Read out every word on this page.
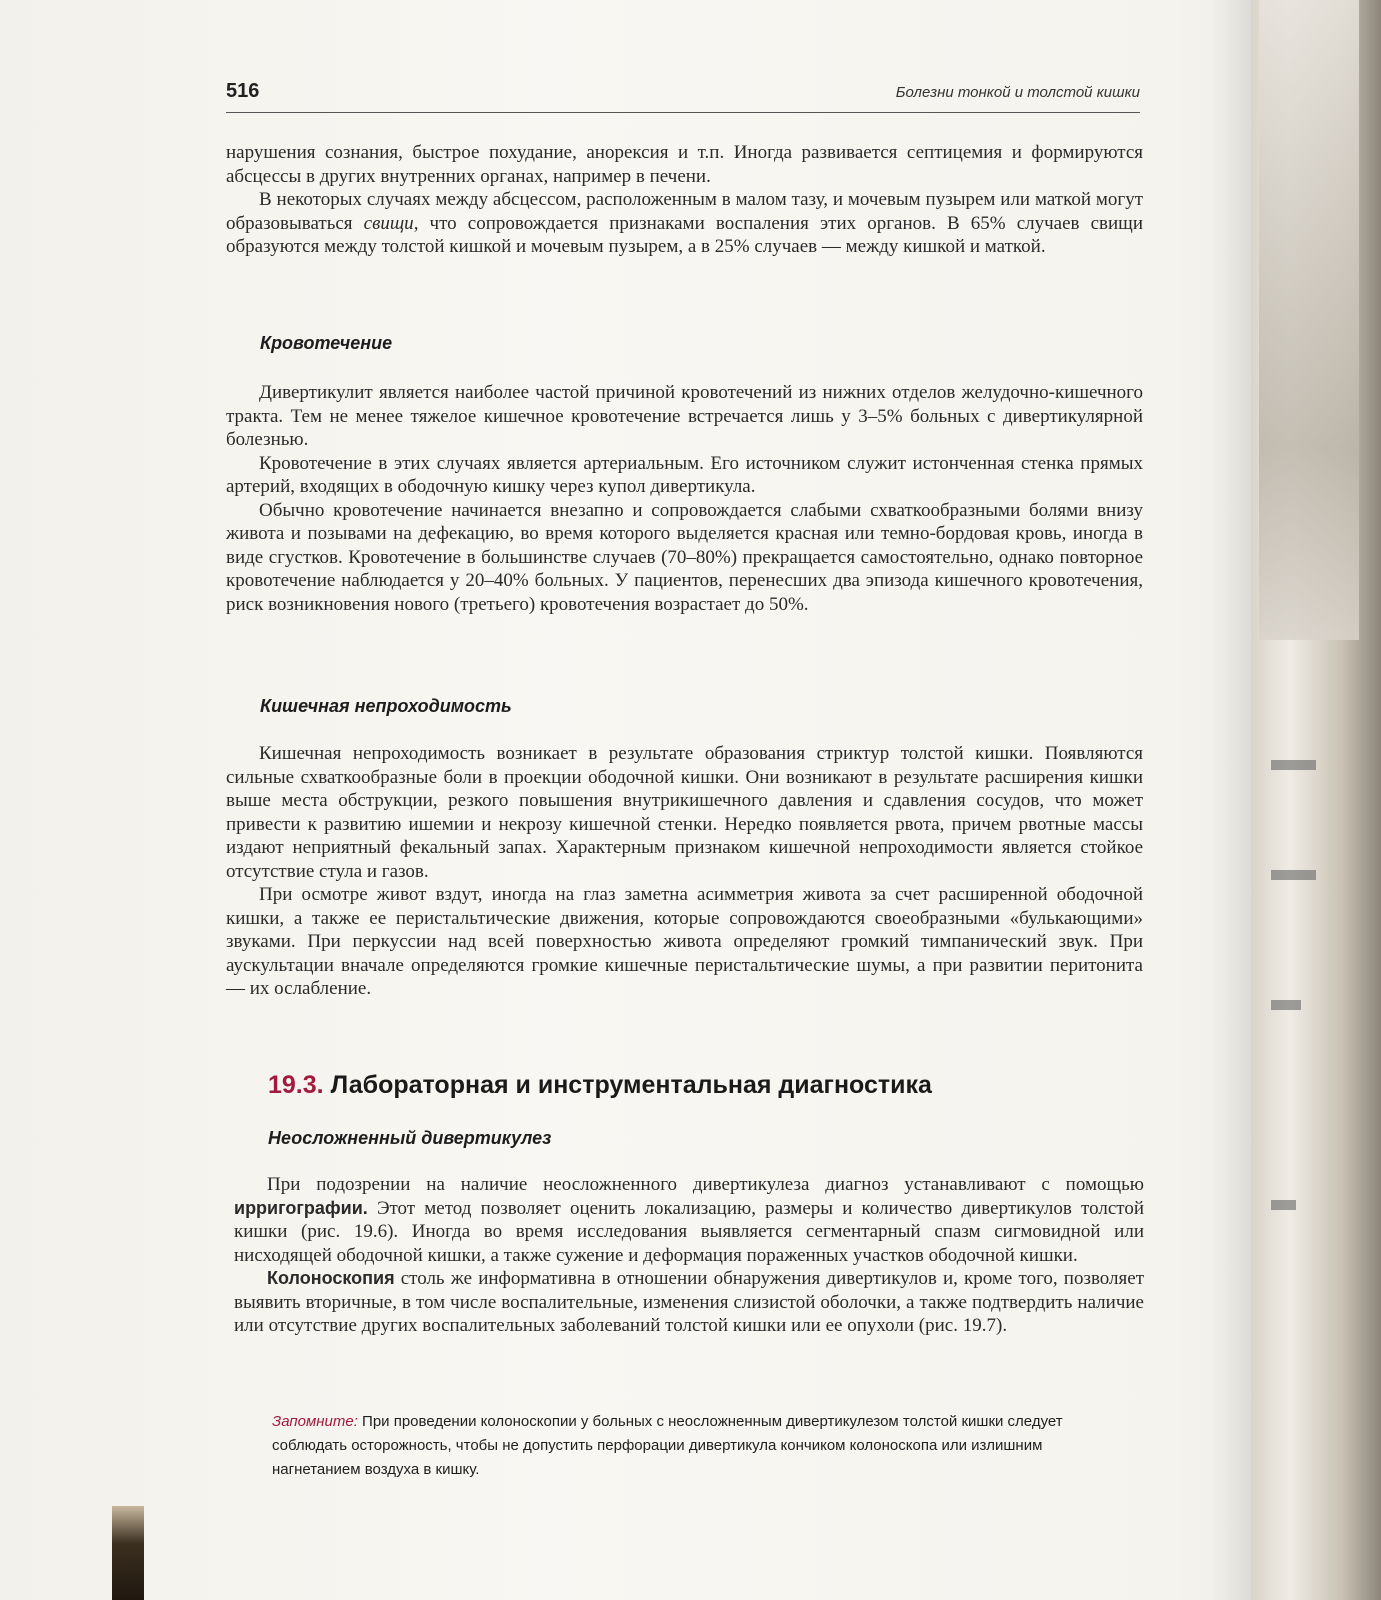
516	Болезни тонкой и толстой кишки

нарушения сознания, быстрое похудание, анорексия и т.п. Иногда развивается септицемия и формируются абсцессы в других внутренних органах, например в печени.

В некоторых случаях между абсцессом, расположенным в малом тазу, и мочевым пузырем или маткой могут образовываться свищи, что сопровождается признаками воспаления этих органов. В 65% случаев свищи образуются между толстой кишкой и мочевым пузырем, а в 25% случаев — между кишкой и маткой.

Кровотечение

Дивертикулит является наиболее частой причиной кровотечений из нижних отделов желудочно-кишечного тракта. Тем не менее тяжелое кишечное кровотечение встречается лишь у 3–5% больных с дивертикулярной болезнью.

Кровотечение в этих случаях является артериальным. Его источником служит истонченная стенка прямых артерий, входящих в ободочную кишку через купол дивертикула.

Обычно кровотечение начинается внезапно и сопровождается слабыми схваткообразными болями внизу живота и позывами на дефекацию, во время которого выделяется красная или темно-бордовая кровь, иногда в виде сгустков. Кровотечение в большинстве случаев (70–80%) прекращается самостоятельно, однако повторное кровотечение наблюдается у 20–40% больных. У пациентов, перенесших два эпизода кишечного кровотечения, риск возникновения нового (третьего) кровотечения возрастает до 50%.

Кишечная непроходимость

Кишечная непроходимость возникает в результате образования стриктур толстой кишки. Появляются сильные схваткообразные боли в проекции ободочной кишки. Они возникают в результате расширения кишки выше места обструкции, резкого повышения внутрикишечного давления и сдавления сосудов, что может привести к развитию ишемии и некрозу кишечной стенки. Нередко появляется рвота, причем рвотные массы издают неприятный фекальный запах. Характерным признаком кишечной непроходимости является стойкое отсутствие стула и газов.

При осмотре живот вздут, иногда на глаз заметна асимметрия живота за счет расширенной ободочной кишки, а также ее перистальтические движения, которые сопровождаются своеобразными «булькающими» звуками. При перкуссии над всей поверхностью живота определяют громкий тимпанический звук. При аускультации вначале определяются громкие кишечные перистальтические шумы, а при развитии перитонита — их ослабление.

19.3. Лабораторная и инструментальная диагностика
Неосложненный дивертикулез

При подозрении на наличие неосложненного дивертикулеза диагноз устанавливают с помощью ирригографии. Этот метод позволяет оценить локализацию, размеры и количество дивертикулов толстой кишки (рис. 19.6). Иногда во время исследования выявляется сегментарный спазм сигмовидной или нисходящей ободочной кишки, а также сужение и деформация пораженных участков ободочной кишки.

Колоноскопия столь же информативна в отношении обнаружения дивертикулов и, кроме того, позволяет выявить вторичные, в том числе воспалительные, изменения слизистой оболочки, а также подтвердить наличие или отсутствие других воспалительных заболеваний толстой кишки или ее опухоли (рис. 19.7).

Запомните: При проведении колоноскопии у больных с неосложненным дивертикулезом толстой кишки следует соблюдать осторожность, чтобы не допустить перфорации дивертикула кончиком колоноскопа или излишним нагнетанием воздуха в кишку.
